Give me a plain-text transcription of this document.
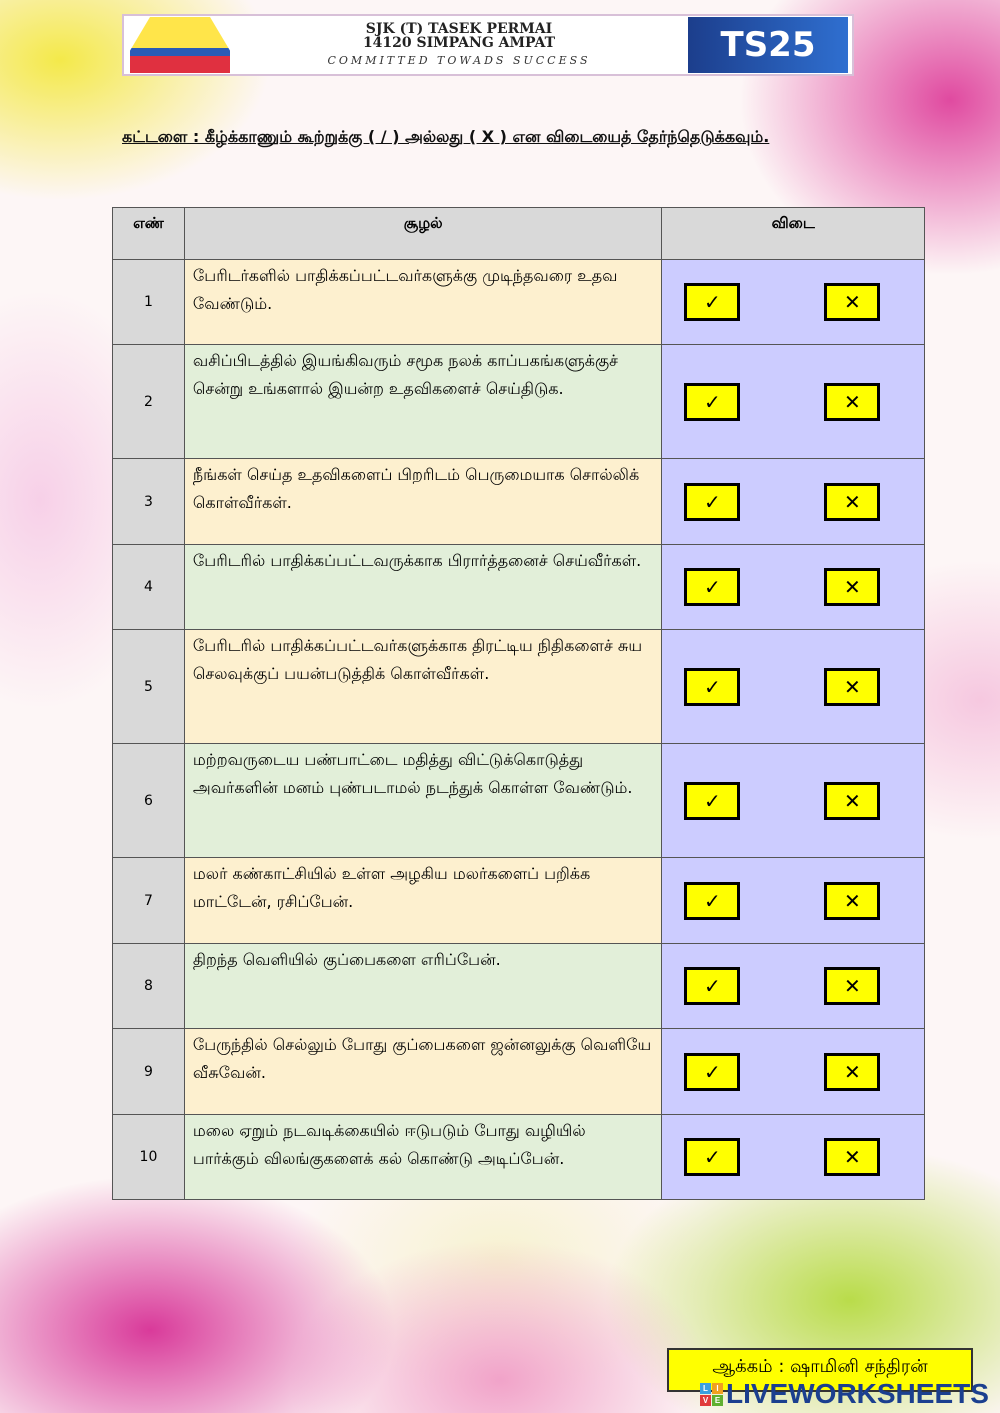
SJK (T) TASEK PERMAI
14120 SIMPANG AMPAT
COMMITTED TOWADS SUCCESS	TS25
கட்டளை : கீழ்க்காணும் கூற்றுக்கு ( / ) அல்லது ( X ) என விடையைத் தேர்ந்தெடுக்கவும்.
எண்	சூழல்	விடை
1	பேரிடர்களில் பாதிக்கப்பட்டவர்களுக்கு முடிந்தவரை உதவ வேண்டும்.	✓ ✕

2	வசிப்பிடத்தில் இயங்கிவரும் சமூக நலக் காப்பகங்களுக்குச் சென்று உங்களால் இயன்ற உதவிகளைச் செய்திடுக.	✓ ✕

3	நீங்கள் செய்த உதவிகளைப் பிறரிடம் பெருமையாக சொல்லிக் கொள்வீர்கள்.	✓ ✕

4	பேரிடரில் பாதிக்கப்பட்டவருக்காக பிரார்த்தனைச் செய்வீர்கள்.	✓ ✕

5	பேரிடரில் பாதிக்கப்பட்டவர்களுக்காக திரட்டிய நிதிகளைச் சுய செலவுக்குப் பயன்படுத்திக் கொள்வீர்கள்.	✓ ✕

6	மற்றவருடைய பண்பாட்டை மதித்து விட்டுக்கொடுத்து அவர்களின் மனம் புண்படாமல் நடந்துக் கொள்ள வேண்டும்.	✓ ✕

7	மலர் கண்காட்சியில் உள்ள அழகிய மலர்களைப் பறிக்க மாட்டேன், ரசிப்பேன்.	✓ ✕

8	திறந்த வெளியில் குப்பைகளை எரிப்பேன்.	✓ ✕

9	பேருந்தில் செல்லும் போது குப்பைகளை ஜன்னலுக்கு வெளியே வீசுவேன்.	✓ ✕

10	மலை ஏறும் நடவடிக்கையில் ஈடுபடும் போது வழியில் பார்க்கும் விலங்குகளைக் கல் கொண்டு அடிப்பேன்.	✓ ✕
ஆக்கம் : ஷாமினி சந்திரன்
L	I
V E LIVEWORKSHEETS
